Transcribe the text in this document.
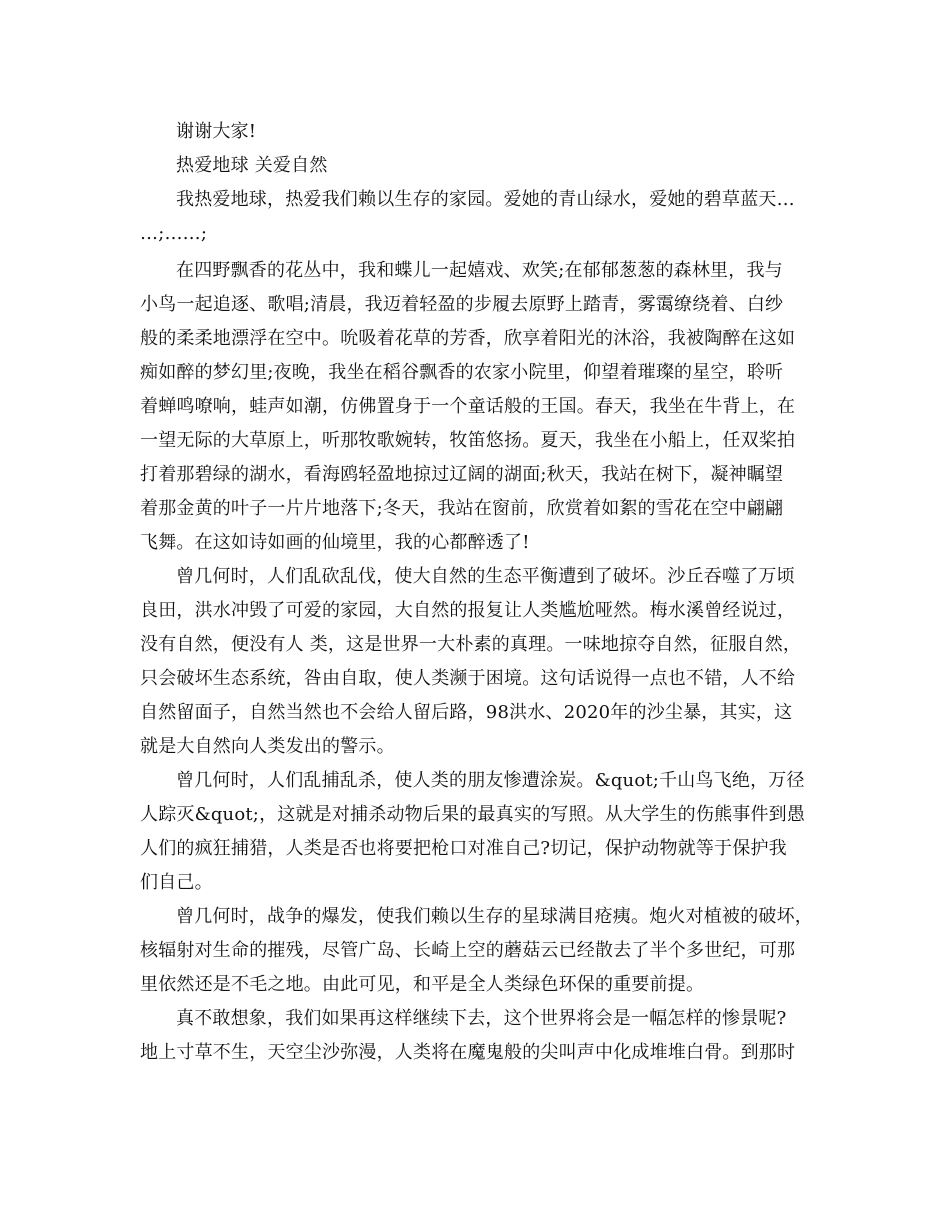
谢谢大家!
热爱地球 关爱自然
我热爱地球，热爱我们赖以生存的家园。爱她的青山绿水，爱她的碧草蓝天…
…;……;
在四野飘香的花丛中，我和蝶儿一起嬉戏、欢笑;在郁郁葱葱的森林里，我与
小鸟一起追逐、歌唱;清晨，我迈着轻盈的步履去原野上踏青，雾霭缭绕着、白纱
般的柔柔地漂浮在空中。吮吸着花草的芳香，欣享着阳光的沐浴，我被陶醉在这如
痴如醉的梦幻里;夜晚，我坐在稻谷飘香的农家小院里，仰望着璀璨的星空，聆听
着蝉鸣嘹响，蛙声如潮，仿佛置身于一个童话般的王国。春天，我坐在牛背上，在
一望无际的大草原上，听那牧歌婉转，牧笛悠扬。夏天，我坐在小船上，任双桨拍
打着那碧绿的湖水，看海鸥轻盈地掠过辽阔的湖面;秋天，我站在树下，凝神瞩望
着那金黄的叶子一片片地落下;冬天，我站在窗前，欣赏着如絮的雪花在空中翩翩
飞舞。在这如诗如画的仙境里，我的心都醉透了!
曾几何时，人们乱砍乱伐，使大自然的生态平衡遭到了破坏。沙丘吞噬了万顷
良田，洪水冲毁了可爱的家园，大自然的报复让人类尴尬哑然。梅水溪曾经说过，
没有自然，便没有人 类，这是世界一大朴素的真理。一味地掠夺自然，征服自然，
只会破坏生态系统，咎由自取，使人类濒于困境。这句话说得一点也不错，人不给
自然留面子，自然当然也不会给人留后路，98洪水、2020年的沙尘暴，其实，这
就是大自然向人类发出的警示。
曾几何时，人们乱捕乱杀，使人类的朋友惨遭涂炭。&quot;千山鸟飞绝，万径
人踪灭&quot;，这就是对捕杀动物后果的最真实的写照。从大学生的伤熊事件到愚
人们的疯狂捕猎，人类是否也将要把枪口对准自己?切记，保护动物就等于保护我
们自己。
曾几何时，战争的爆发，使我们赖以生存的星球满目疮痍。炮火对植被的破坏，
核辐射对生命的摧残，尽管广岛、长崎上空的蘑菇云已经散去了半个多世纪，可那
里依然还是不毛之地。由此可见，和平是全人类绿色环保的重要前提。
真不敢想象，我们如果再这样继续下去，这个世界将会是一幅怎样的惨景呢?
地上寸草不生，天空尘沙弥漫，人类将在魔鬼般的尖叫声中化成堆堆白骨。到那时
